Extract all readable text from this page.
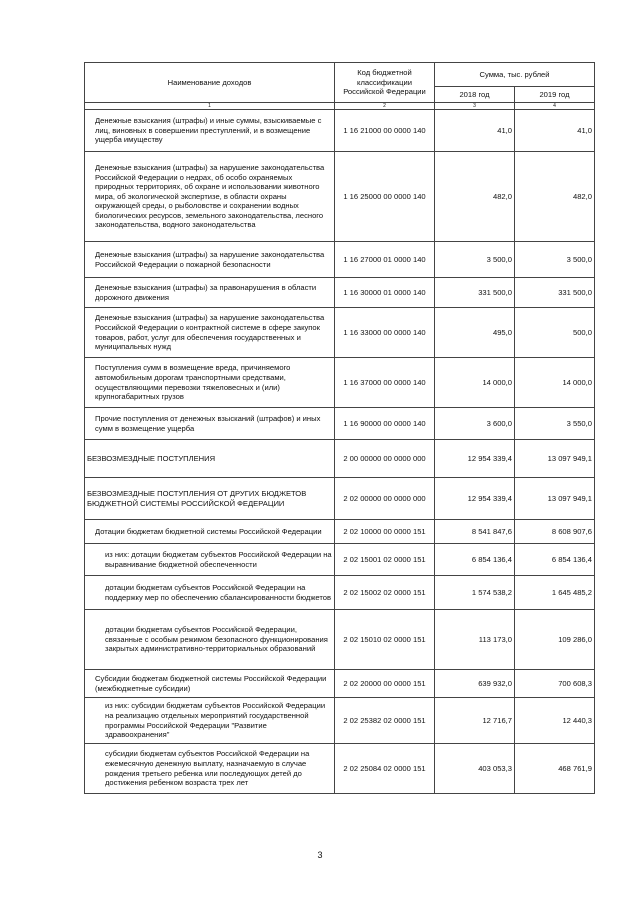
Наименование доходов	Код бюджетной классификации Российской Федерации	Сумма, тыс. рублей	
		2018 год	2019 год
1	2	3	4
Денежные взыскания (штрафы) и иные суммы, взыскиваемые с лиц, виновных в совершении преступлений, и в возмещение ущерба имуществу	1 16 21000 00 0000 140	41,0	41,0
Денежные взыскания (штрафы) за нарушение законодательства Российской Федерации о недрах, об особо охраняемых природных территориях, об охране и использовании животного мира, об экологической экспертизе, в области охраны окружающей среды, о рыболовстве и сохранении водных биологических ресурсов, земельного законодательства, лесного законодательства, водного законодательства	1 16 25000 00 0000 140	482,0	482,0
Денежные взыскания (штрафы) за нарушение законодательства Российской Федерации о пожарной безопасности	1 16 27000 01 0000 140	3 500,0	3 500,0
Денежные взыскания (штрафы) за правонарушения в области дорожного движения	1 16 30000 01 0000 140	331 500,0	331 500,0
Денежные взыскания (штрафы) за нарушение законодательства Российской Федерации о контрактной системе в сфере закупок товаров, работ, услуг для обеспечения государственных и муниципальных нужд	1 16 33000 00 0000 140	495,0	500,0
Поступления сумм в возмещение вреда, причиняемого автомобильным дорогам транспортными средствами, осуществляющими перевозки тяжеловесных и (или) крупногабаритных грузов	1 16 37000 00 0000 140	14 000,0	14 000,0
Прочие поступления от денежных взысканий (штрафов) и иных сумм в возмещение ущерба	1 16 90000 00 0000 140	3 600,0	3 550,0
БЕЗВОЗМЕЗДНЫЕ ПОСТУПЛЕНИЯ	2 00 00000 00 0000 000	12 954 339,4	13 097 949,1
БЕЗВОЗМЕЗДНЫЕ ПОСТУПЛЕНИЯ ОТ ДРУГИХ БЮДЖЕТОВ БЮДЖЕТНОЙ СИСТЕМЫ РОССИЙСКОЙ ФЕДЕРАЦИИ	2 02 00000 00 0000 000	12 954 339,4	13 097 949,1
Дотации бюджетам бюджетной системы Российской Федерации	2 02 10000 00 0000 151	8 541 847,6	8 608 907,6
из них: дотации бюджетам субъектов Российской Федерации на выравнивание бюджетной обеспеченности	2 02 15001 02 0000 151	6 854 136,4	6 854 136,4
дотации бюджетам субъектов Российской Федерации на поддержку мер по обеспечению сбалансированности бюджетов	2 02 15002 02 0000 151	1 574 538,2	1 645 485,2
дотации бюджетам субъектов Российской Федерации, связанные с особым режимом безопасного функционирования закрытых административно-территориальных образований	2 02 15010 02 0000 151	113 173,0	109 286,0
Субсидии бюджетам бюджетной системы Российской Федерации (межбюджетные субсидии)	2 02 20000 00 0000 151	639 932,0	700 608,3
из них: субсидии бюджетам субъектов Российской Федерации на реализацию отдельных мероприятий государственной программы Российской Федерации "Развитие здравоохранения"	2 02 25382 02 0000 151	12 716,7	12 440,3
субсидии бюджетам субъектов Российской Федерации на ежемесячную денежную выплату, назначаемую в случае рождения третьего ребенка или последующих детей до достижения ребенком возраста трех лет	2 02 25084 02 0000 151	403 053,3	468 761,9
3
